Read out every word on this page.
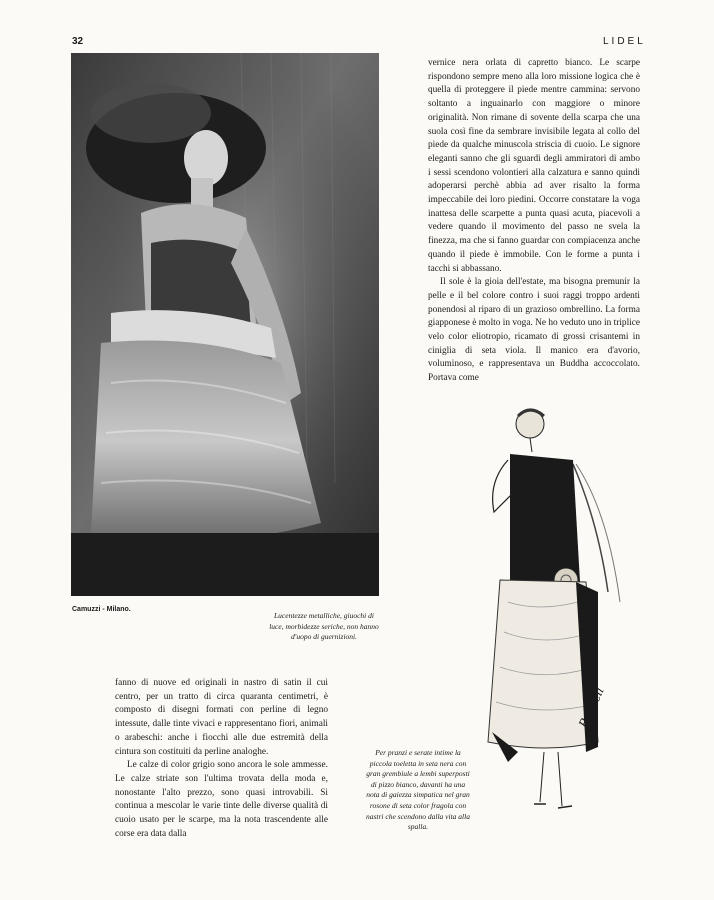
32	LIDEL
Camuzzi - Milano.
Lucentezze metalliche, giuochi di luce, morbidezze seriche, non hanno d'uopo di guernizioni.

vernice nera orlata di capretto bianco. Le scarpe rispondono sempre meno alla loro missione logica che è quella di proteggere il piede mentre cammina: servono soltanto a inguainarlo con maggiore o minore originalità. Non rimane di sovente della scarpa che una suola così fine da sembrare invisibile legata al collo del piede da qualche minuscola striscia di cuoio. Le signore eleganti sanno che gli sguardi degli ammiratori di ambo i sessi scendono volontieri alla calzatura e sanno quindi adoperarsi perchè abbia ad aver risalto la forma impeccabile dei loro piedini. Occorre constatare la voga inattesa delle scarpette a punta quasi acuta, piacevoli a vedere quando il movimento del passo ne svela la finezza, ma che si fanno guardar con compiacenza anche quando il piede è immobile. Con le forme a punta i tacchi si abbassano.

Il sole è la gioia dell'estate, ma bisogna premunir la pelle e il bel colore contro i suoi raggi troppo ardenti ponendosi al riparo di un grazioso ombrellino. La forma giapponese è molto in voga. Ne ho veduto uno in triplice velo color eliotropio, ricamato di grossi crisantemi in ciniglia di seta viola. Il manico era d'avorio, voluminoso, e rappresentava un Buddha accoccolato. Portava come

Prancil
Per pranzi e serate intime la piccola toeletta in seta nera con gran grembiule a lembi superposti di pizzo bianco, davanti ha una nota di gaiezza simpatica nel gran rosone di seta color fragola con nastri che scendono dalla vita alla spalla.

fanno di nuove ed originali in nastro di satin il cui centro, per un tratto di circa quaranta centimetri, è composto di disegni formati con perline di legno intessute, dalle tinte vivaci e rappresentano fiori, animali o arabeschi: anche i fiocchi alle due estremità della cintura son costituiti da perline analoghe.

Le calze di color grigio sono ancora le sole ammesse. Le calze striate son l'ultima trovata della moda e, nonostante l'alto prezzo, sono quasi introvabili. Si continua a mescolar le varie tinte delle diverse qualità di cuoio usato per le scarpe, ma la nota trascendente alle corse era data dalla
